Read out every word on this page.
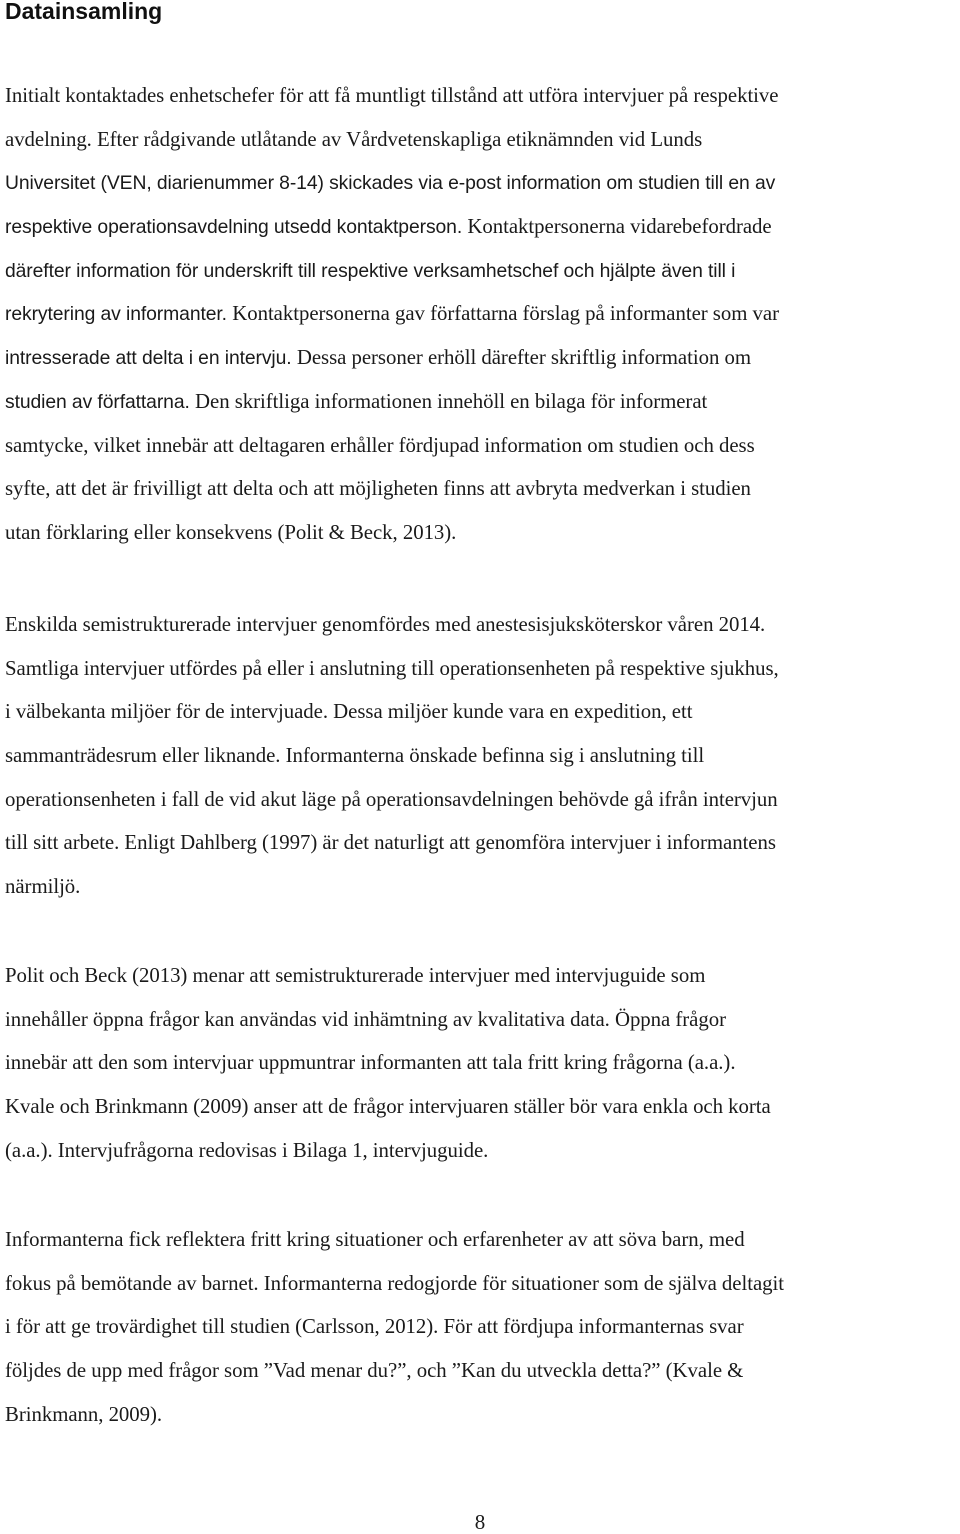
Datainsamling
Initialt kontaktades enhetschefer för att få muntligt tillstånd att utföra intervjuer på respektive
avdelning. Efter rådgivande utlåtande av Vårdvetenskapliga etiknämnden vid Lunds
Universitet (VEN, diarienummer 8-14) skickades via e-post information om studien till en av
respektive operationsavdelning utsedd kontaktperson. Kontaktpersonerna vidarebefordrade
därefter information för underskrift till respektive verksamhetschef och hjälpte även till i
rekrytering av informanter. Kontaktpersonerna gav författarna förslag på informanter som var
intresserade att delta i en intervju. Dessa personer erhöll därefter skriftlig information om
studien av författarna. Den skriftliga informationen innehöll en bilaga för informerat
samtycke, vilket innebär att deltagaren erhåller fördjupad information om studien och dess
syfte, att det är frivilligt att delta och att möjligheten finns att avbryta medverkan i studien
utan förklaring eller konsekvens (Polit & Beck, 2013).
Enskilda semistrukturerade intervjuer genomfördes med anestesisjuksköterskor våren 2014.
Samtliga intervjuer utfördes på eller i anslutning till operationsenheten på respektive sjukhus,
i välbekanta miljöer för de intervjuade. Dessa miljöer kunde vara en expedition, ett
sammanträdesrum eller liknande. Informanterna önskade befinna sig i anslutning till
operationsenheten i fall de vid akut läge på operationsavdelningen behövde gå ifrån intervjun
till sitt arbete. Enligt Dahlberg (1997) är det naturligt att genomföra intervjuer i informantens
närmiljö.
Polit och Beck (2013) menar att semistrukturerade intervjuer med intervjuguide som
innehåller öppna frågor kan användas vid inhämtning av kvalitativa data. Öppna frågor
innebär att den som intervjuar uppmuntrar informanten att tala fritt kring frågorna (a.a.).
Kvale och Brinkmann (2009) anser att de frågor intervjuaren ställer bör vara enkla och korta
(a.a.). Intervjufrågorna redovisas i Bilaga 1, intervjuguide.
Informanterna fick reflektera fritt kring situationer och erfarenheter av att söva barn, med
fokus på bemötande av barnet. Informanterna redogjorde för situationer som de själva deltagit
i för att ge trovärdighet till studien (Carlsson, 2012). För att fördjupa informanternas svar
följdes de upp med frågor som ”Vad menar du?”, och ”Kan du utveckla detta?” (Kvale &
Brinkmann, 2009).

8
